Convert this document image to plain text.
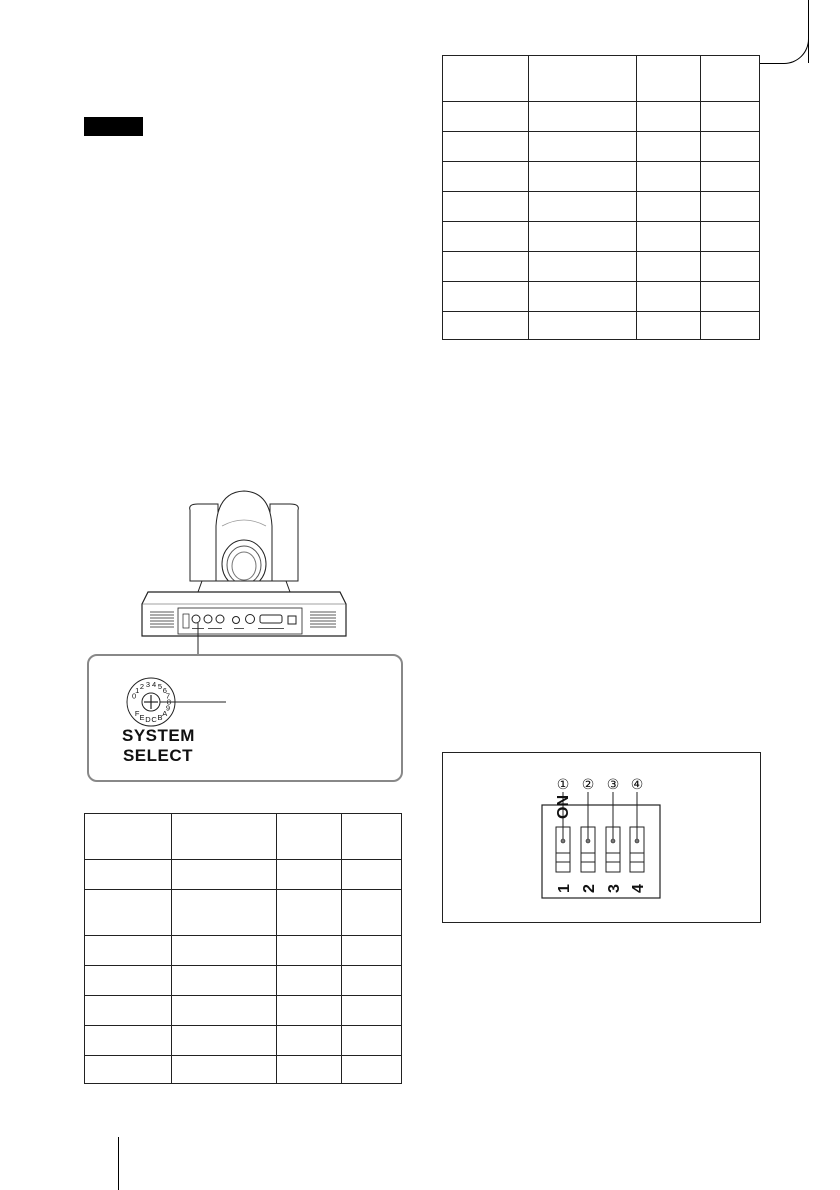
0
1 2 3 4 5 6
7
8
9
A
B
C
D
E
F
SYSTEM
SELECT

① ② ③ ④
ON
1 2 3 4
